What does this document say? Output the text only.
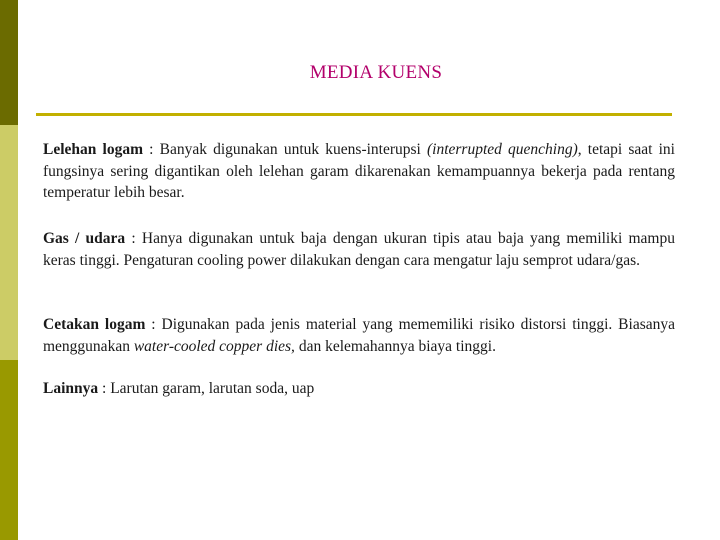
MEDIA KUENS
Lelehan logam : Banyak digunakan untuk kuens-interupsi (interrupted quenching), tetapi saat ini fungsinya sering digantikan oleh lelehan garam dikarenakan kemampuannya bekerja pada rentang temperatur lebih besar.
Gas / udara : Hanya digunakan untuk baja dengan ukuran tipis atau baja yang memiliki mampu keras tinggi. Pengaturan cooling power dilakukan dengan cara mengatur laju semprot udara/gas.
Cetakan logam : Digunakan pada jenis material yang mememiliki risiko distorsi tinggi. Biasanya menggunakan water-cooled copper dies, dan kelemahannya biaya tinggi.
Lainnya : Larutan garam, larutan soda, uap
